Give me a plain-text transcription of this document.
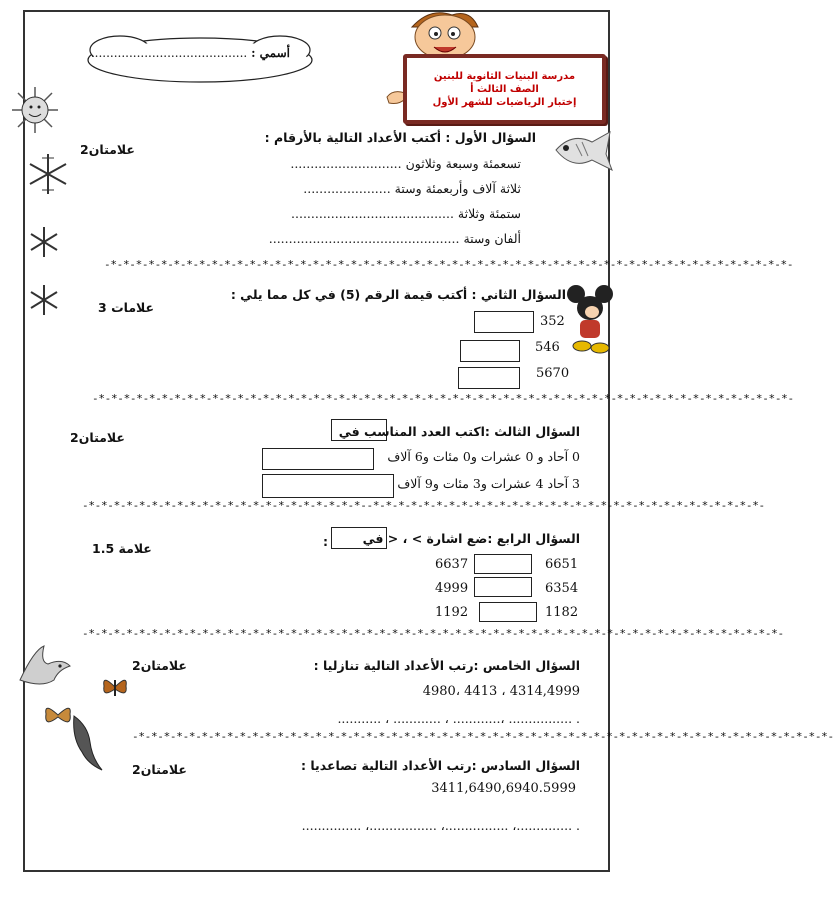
أسمي : .........................................
مدرسة البنيات الثانوية للبنين
الصف الثالث أ
إختبار الرياضيات للشهر الأول
السؤال الأول : أكتب الأعداد التالية بالأرقام :
2علامتان
تسعمئة وسبعة وثلاثون ............................
ثلاثة آلاف وأربعمئة وستة ......................
ستمئة وثلاثة .........................................
ألفان وستة ................................................
-*-*-*-*-*-*-*-*-*-*-*-*-*-*-*-*-*-*-*-*-*-*-*-*-*-*-*-*-*-*-*-*-*-*-*-*-*-*-*-*-*-*-*-*-*-*-*-*-*-*-*-*-*-*-
السؤال الثاني : أكتب قيمة الرقم (5) في كل مما يلي :
3 علامات
352
546
5670
-*-*-*-*-*-*-*-*-*-*-*-*-*-*-*-*-*-*-*-*-*-*-*-*-*-*-*-*-*-*-*-*-*-*-*-*-*-*-*-*-*-*-*-*-*-*-*-*-*-*-*-*-*-*-*-
السؤال الثالث :اكتب العدد المناسب في
2علامتان
0 آحاد و 0 عشرات و0 مئات و6 آلاف
3 آحاد 4 عشرات و3 مئات و9 آلاف
-*-*-*-*-*-*-*-*-*-*-*-*-*-*-*-*-*-*-*-*-*-*--*-*-*-*-*-*-*-*-*-*-*-*-*-*-*-*-*-*-*-*-*-*-*-*-*-*-*-*-*-*-*-
:	السؤال الرابع :ضع اشارة > ، < في
1.5 علامة
6637	6651
4999	6354
1192	1182
-*-*-*-*-*-*-*-*-*-*-*-*-*-*-*-*-*-*-*-*-*-*-*-*-*-*-*-*-*-*-*-*-*-*-*-*-*-*-*-*-*-*-*-*-*-*-*-*-*-*-*-*-*-*-*-
السؤال الخامس :رتب الأعداد التالية تنازليا :
2علامتان
4980، 4413 ، 4314,4999
........... ، ............ ، ............، ................ .
-*-*-*-*-*-*-*-*-*-*-*-*-*-*-*-*-*-*-*-*-*-*-*-*-*-*-*-*-*-*-*-*-*-*-*-*-*-*-*-*-*-*-*-*-*-*-*-*-*-*-*-*-*-*-*-
السؤال السادس :رتب الأعداد التالية تصاعديا :
2علامتان
3411,6490,6940.5999
............... ،................. ،................ ،.............. .
